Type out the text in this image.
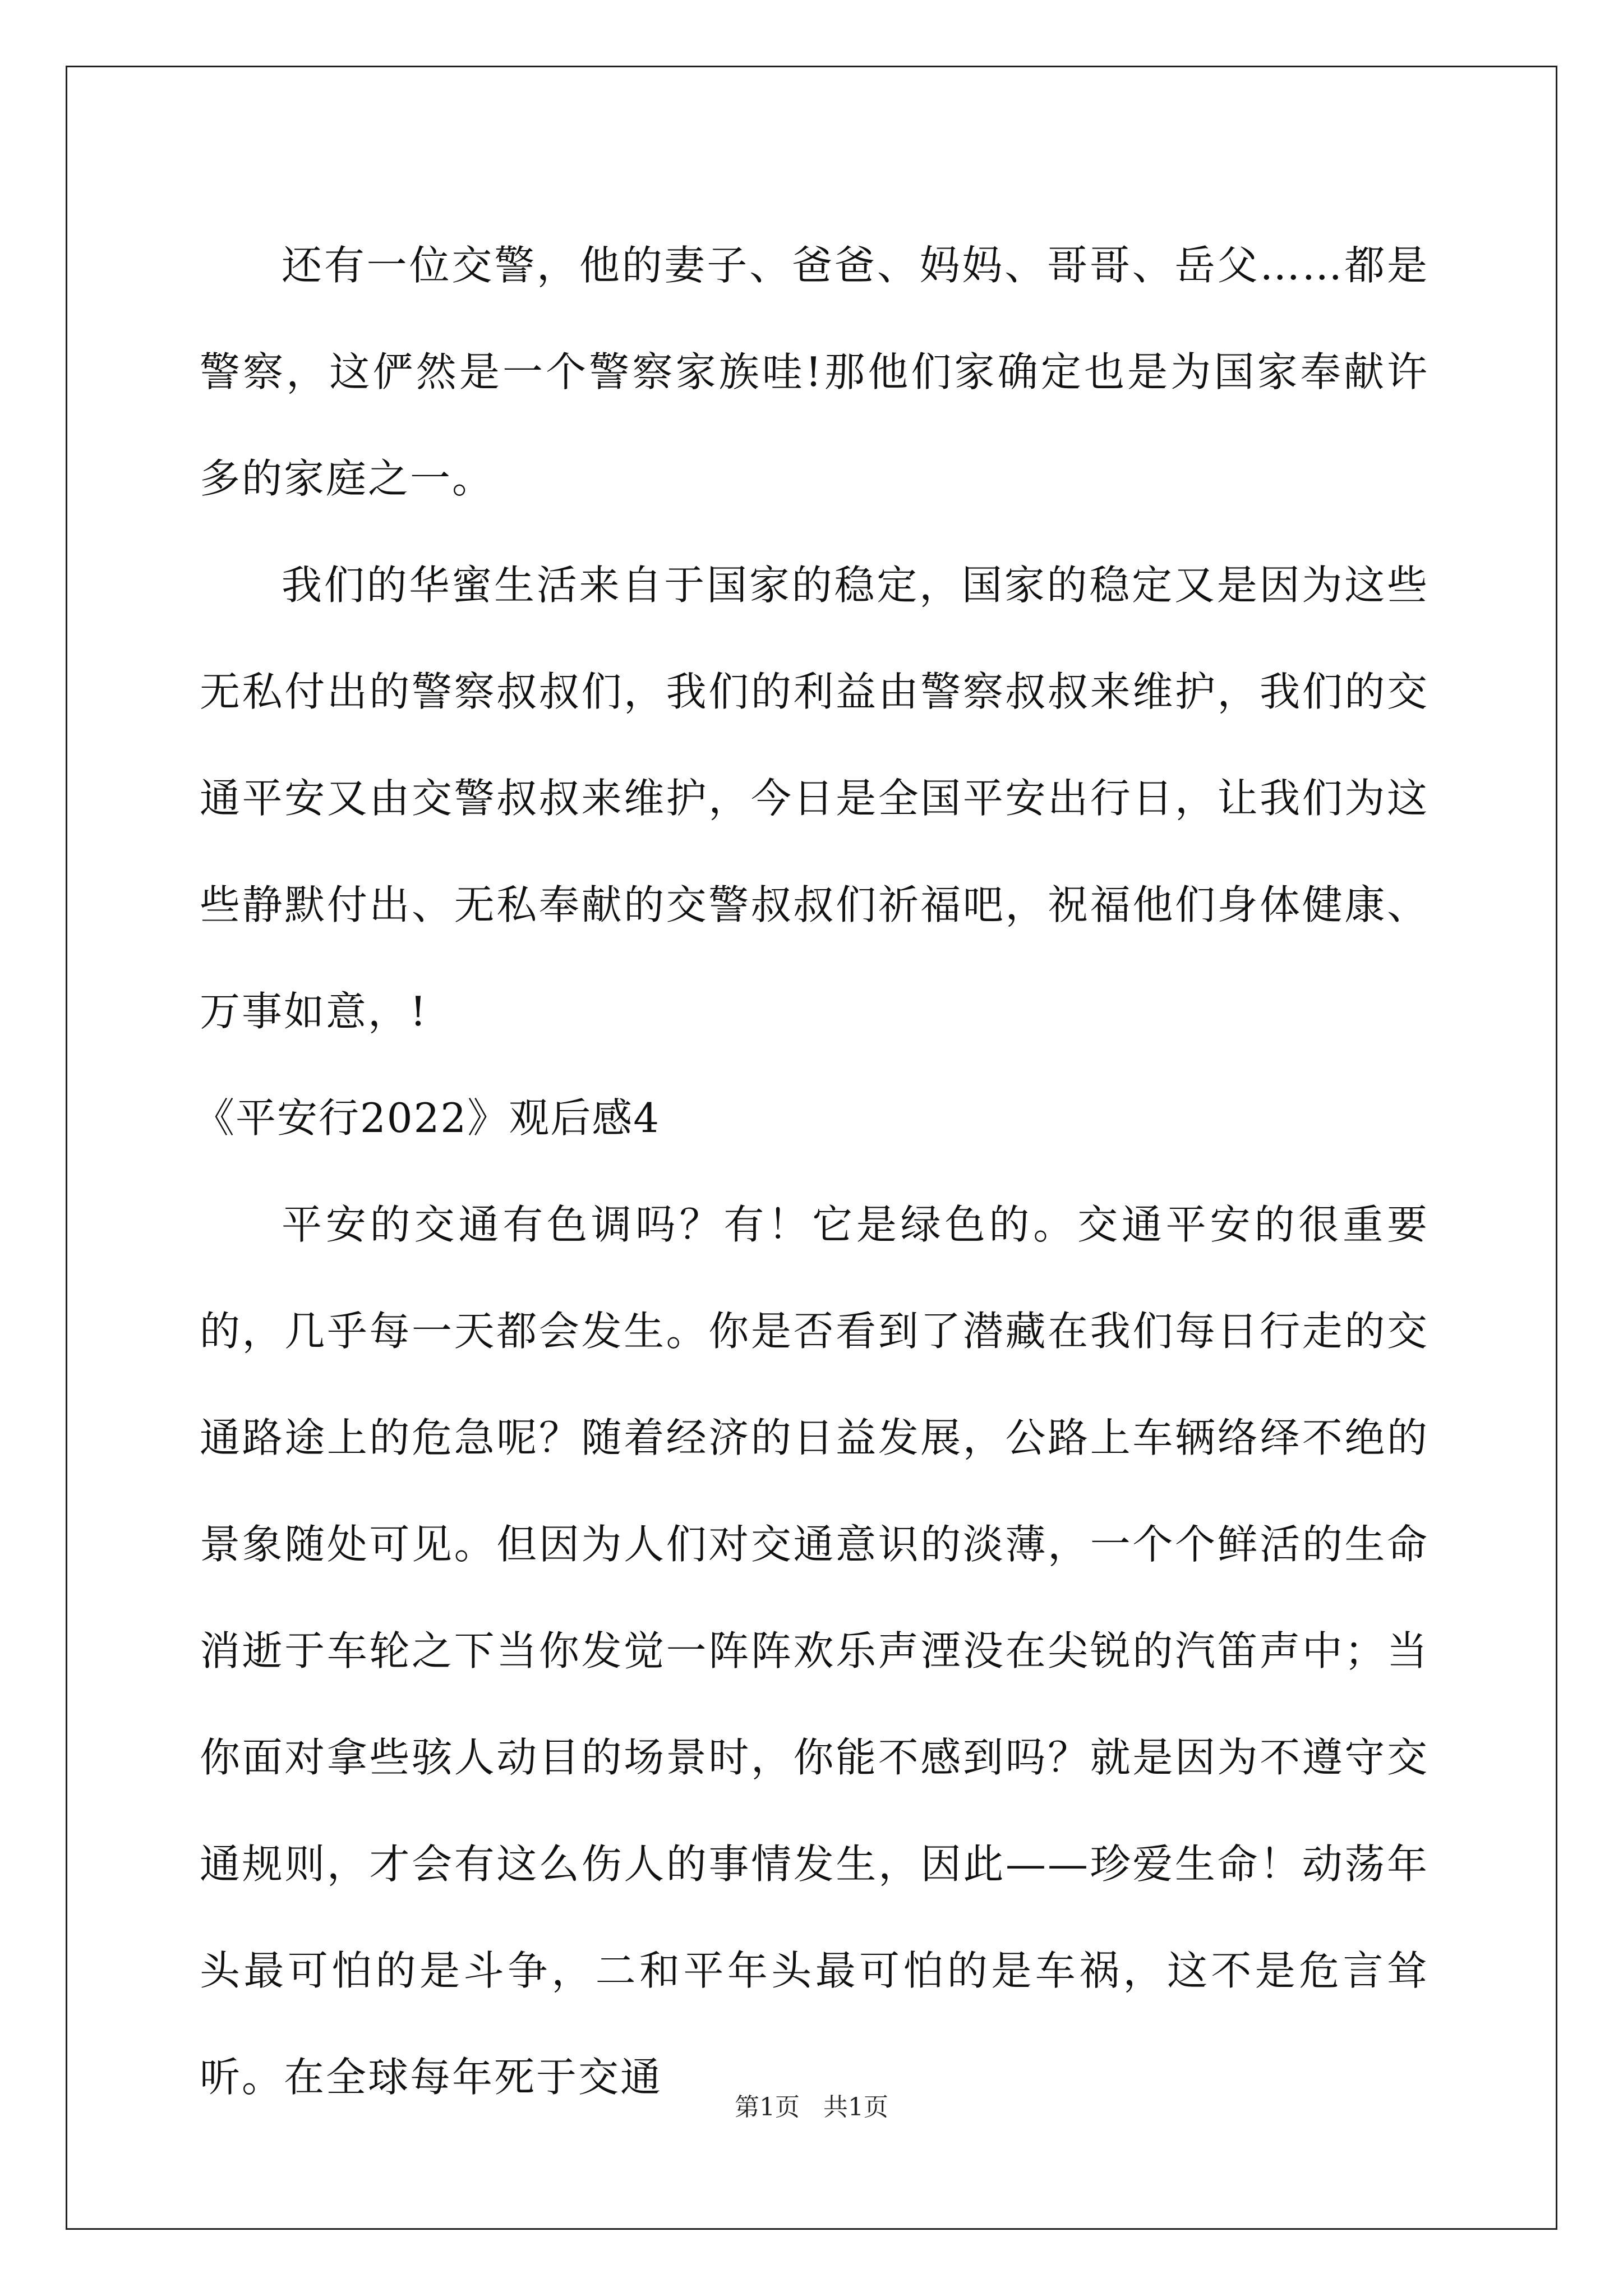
还有一位交警，他的妻子、爸爸、妈妈、哥哥、岳父……都是警察，这俨然是一个警察家族哇!那他们家确定也是为国家奉献许多的家庭之一。

我们的华蜜生活来自于国家的稳定，国家的稳定又是因为这些无私付出的警察叔叔们，我们的利益由警察叔叔来维护，我们的交通平安又由交警叔叔来维护，今日是全国平安出行日，让我们为这些静默付出、无私奉献的交警叔叔们祈福吧，祝福他们身体健康、万事如意，!

《平安行2022》观后感4

平安的交通有色调吗？有！它是绿色的。交通平安的很重要的，几乎每一天都会发生。你是否看到了潜藏在我们每日行走的交通路途上的危急呢？随着经济的日益发展，公路上车辆络绎不绝的景象随处可见。但因为人们对交通意识的淡薄，一个个鲜活的生命消逝于车轮之下当你发觉一阵阵欢乐声湮没在尖锐的汽笛声中；当你面对拿些骇人动目的场景时，你能不感到吗？就是因为不遵守交通规则，才会有这么伤人的事情发生，因此——珍爱生命！动荡年头最可怕的是斗争，二和平年头最可怕的是车祸，这不是危言耸听。在全球每年死于交通

第1页 共1页
